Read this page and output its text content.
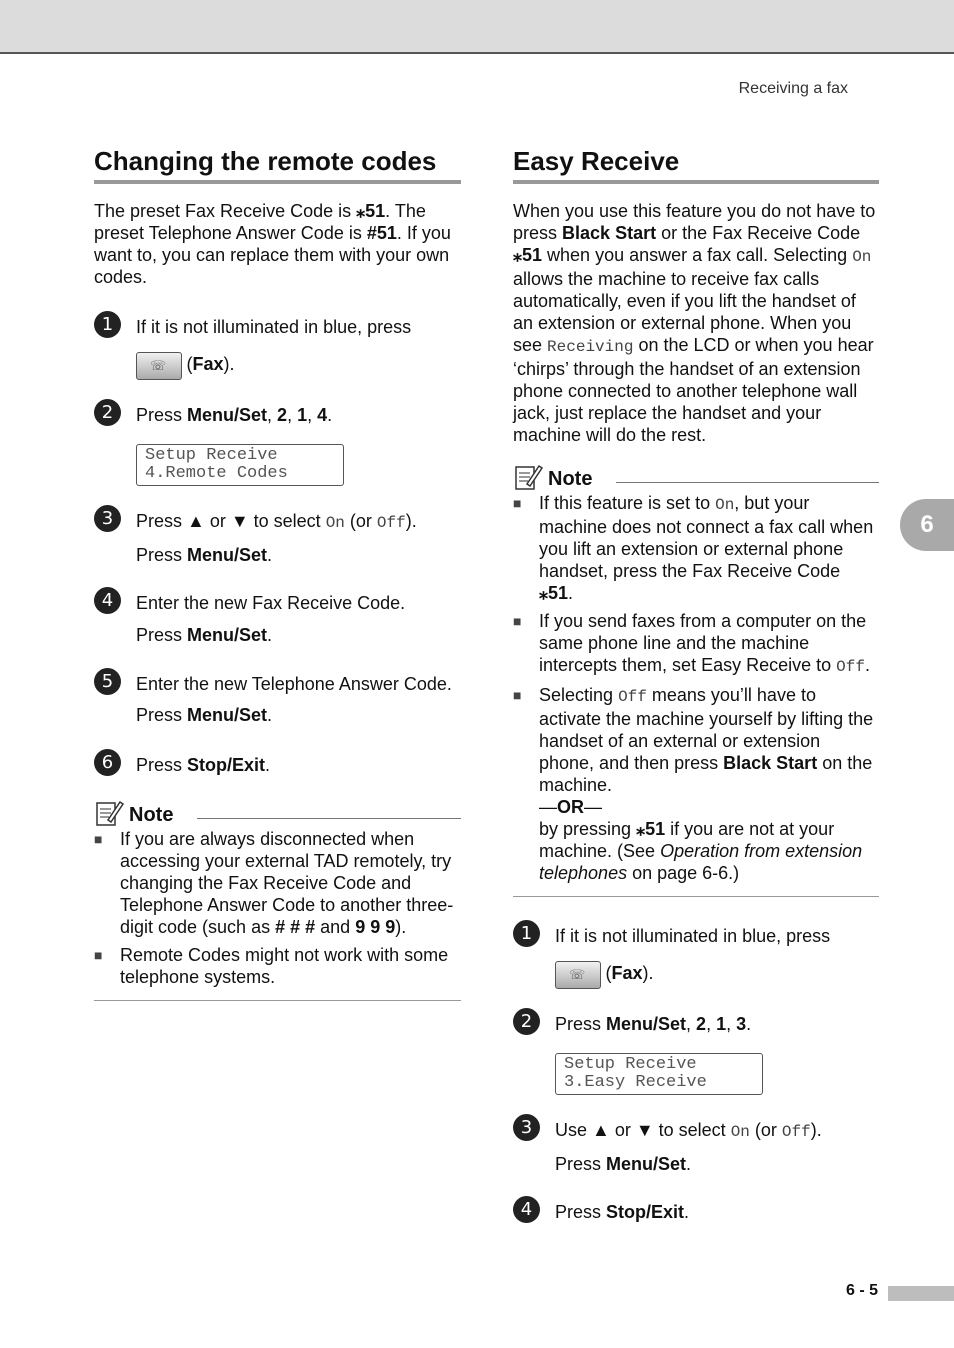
Receiving a fax
Changing the remote codes

The preset Fax Receive Code is ⁎51. The preset Telephone Answer Code is #51. If you want to, you can replace them with your own codes.

1	If it is not illuminated in blue, press
☏ (Fax).
2	Press Menu/Set, 2, 1, 4.
Setup Receive
4.Remote Codes
3	Press ▲ or ▼ to select On (or Off).
Press Menu/Set.
4	Enter the new Fax Receive Code.
Press Menu/Set.
5	Enter the new Telephone Answer Code.
Press Menu/Set.
6	Press Stop/Exit.
Note
■ If you are always disconnected when accessing your external TAD remotely, try changing the Fax Receive Code and Telephone Answer Code to another three-digit code (such as # # # and 9 9 9).
■ Remote Codes might not work with some telephone systems.
Easy Receive

When you use this feature you do not have to press Black Start or the Fax Receive Code ⁎51 when you answer a fax call. Selecting On allows the machine to receive fax calls automatically, even if you lift the handset of an extension or external phone. When you see Receiving on the LCD or when you hear ‘chirps’ through the handset of an extension phone connected to another telephone wall jack, just replace the handset and your machine will do the rest.

Note
■ If this feature is set to On, but your machine does not connect a fax call when you lift an extension or external phone handset, press the Fax Receive Code ⁎51.
■ If you send faxes from a computer on the same phone line and the machine intercepts them, set Easy Receive to Off.
■ Selecting Off means you’ll have to activate the machine yourself by lifting the handset of an external or extension phone, and then press Black Start on the machine.
—OR—
by pressing ⁎51 if you are not at your machine. (See Operation from extension telephones on page 6-6.)
1	If it is not illuminated in blue, press
☏ (Fax).
2	Press Menu/Set, 2, 1, 3.
Setup Receive
3.Easy Receive
3	Use ▲ or ▼ to select On (or Off).
Press Menu/Set.
4	Press Stop/Exit.
6
6 - 5
